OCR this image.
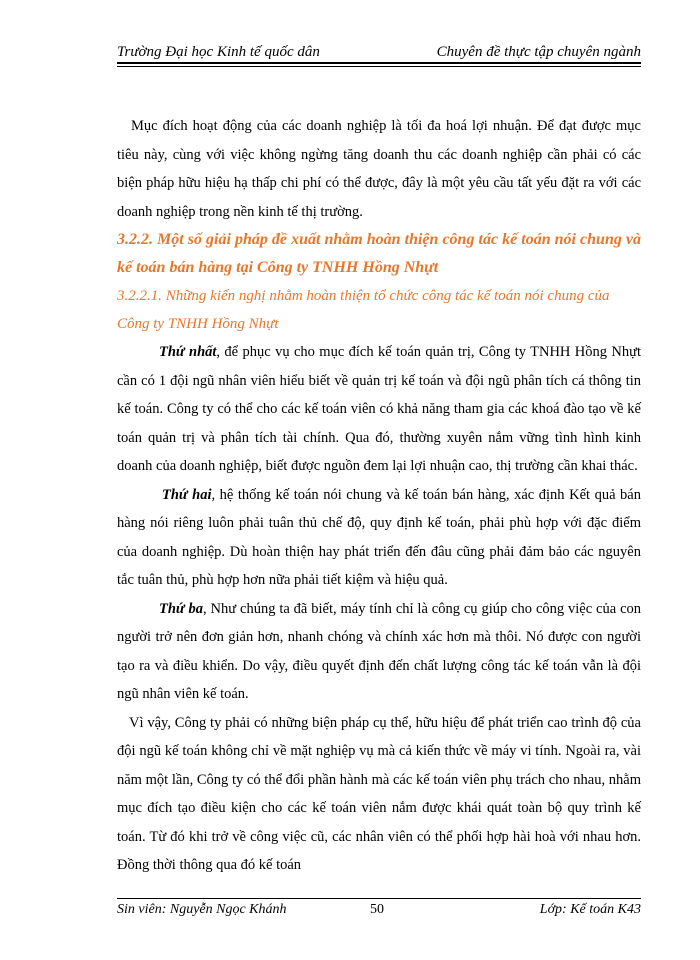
Trường Đại học Kinh tế quốc dân	Chuyên đề thực tập chuyên ngành

Mục đích hoạt động của các doanh nghiệp là tối đa hoá lợi nhuận. Để đạt được mục tiêu này, cùng với việc không ngừng tăng doanh thu các doanh nghiệp cần phải có các biện pháp hữu hiệu hạ thấp chi phí có thể được, đây là một yêu cầu tất yếu đặt ra với các doanh nghiệp trong nền kinh tế thị trường.

3.2.2. Một số giải pháp đề xuất nhằm hoàn thiện công tác kế toán nói chung và kế toán bán hàng tại Công ty TNHH Hồng Nhựt

3.2.2.1. Những kiến nghị nhằm hoàn thiện tổ chức công tác kế toán nói chung của Công ty TNHH Hồng Nhựt

Thứ nhất, để phục vụ cho mục đích kế toán quản trị, Công ty TNHH Hồng Nhựt cần có 1 đội ngũ nhân viên hiểu biết về quản trị kế toán và đội ngũ phân tích cá thông tin kế toán. Công ty có thể cho các kế toán viên có khả năng tham gia các khoá đào tạo về kế toán quản trị và phân tích tài chính. Qua đó, thường xuyên nắm vững tình hình kinh doanh của doanh nghiệp, biết được nguồn đem lại lợi nhuận cao, thị trường cần khai thác.

Thứ hai, hệ thống kế toán nói chung và kế toán bán hàng, xác định Kết quả bán hàng nói riêng luôn phải tuân thủ chế độ, quy định kế toán, phải phù hợp với đặc điểm của doanh nghiệp. Dù hoàn thiện hay phát triển đến đâu cũng phải đảm bảo các nguyên tắc tuân thủ, phù hợp hơn nữa phải tiết kiệm và hiệu quả.

Thứ ba, Như chúng ta đã biết, máy tính chỉ là công cụ giúp cho công việc của con người trở nên đơn giản hơn, nhanh chóng và chính xác hơn mà thôi. Nó được con người tạo ra và điều khiển. Do vậy, điều quyết định đến chất lượng công tác kế toán vẫn là đội ngũ nhân viên kế toán.

Vì vậy, Công ty phải có những biện pháp cụ thể, hữu hiệu để phát triển cao trình độ của đội ngũ kế toán không chỉ về mặt nghiệp vụ mà cả kiến thức về máy vi tính. Ngoài ra, vài năm một lần, Công ty có thể đổi phần hành mà các kế toán viên phụ trách cho nhau, nhằm mục đích tạo điều kiện cho các kế toán viên nắm được khái quát toàn bộ quy trình kế toán. Từ đó khi trở về công việc cũ, các nhân viên có thể phối hợp hài hoà với nhau hơn. Đồng thời thông qua đó kế toán

Sin viên: Nguyễn Ngọc Khánh	50	Lớp: Kế toán K43
